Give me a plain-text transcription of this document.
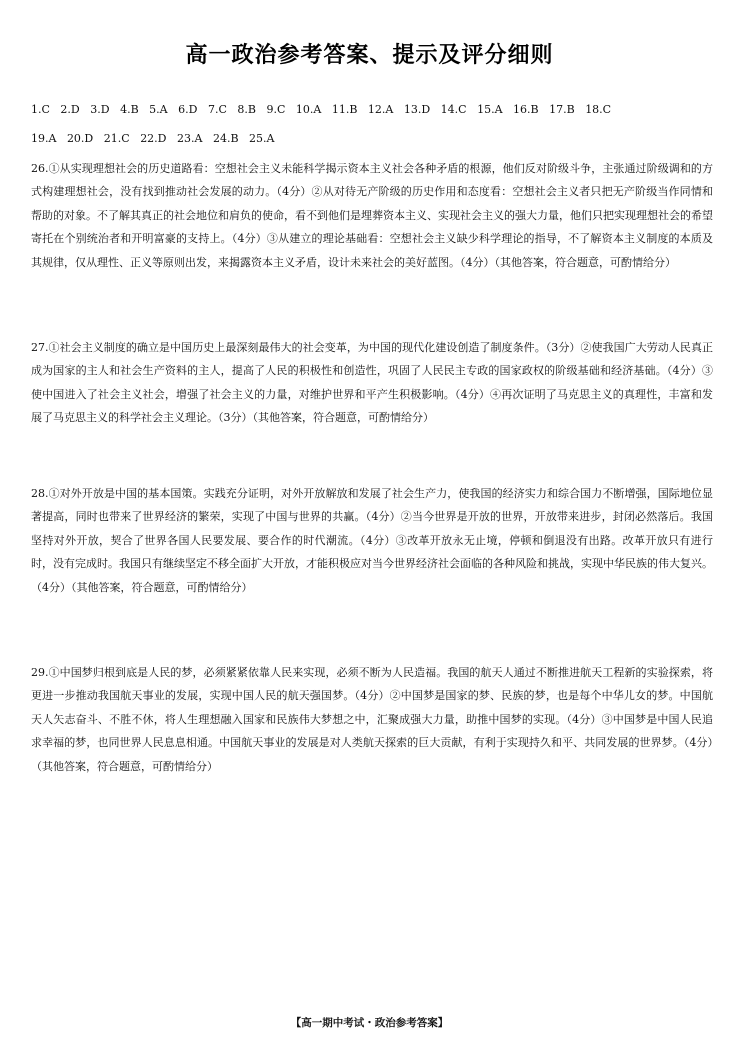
高一政治参考答案、提示及评分细则
1.C 2.D 3.D 4.B 5.A 6.D 7.C 8.B 9.C 10.A 11.B 12.A 13.D 14.C 15.A 16.B 17.B 18.C
19.A 20.D 21.C 22.D 23.A 24.B 25.A
26.①从实现理想社会的历史道路看：空想社会主义未能科学揭示资本主义社会各种矛盾的根源，他们反对阶级斗争，主张通过阶级调和的方式构建理想社会，没有找到推动社会发展的动力。（4分）②从对待无产阶级的历史作用和态度看：空想社会主义者只把无产阶级当作同情和帮助的对象。不了解其真正的社会地位和肩负的使命，看不到他们是埋葬资本主义、实现社会主义的强大力量，他们只把实现理想社会的希望寄托在个别统治者和开明富豪的支持上。（4分）③从建立的理论基础看：空想社会主义缺少科学理论的指导，不了解资本主义制度的本质及其规律，仅从理性、正义等原则出发，来揭露资本主义矛盾，设计未来社会的美好蓝图。（4分）（其他答案，符合题意，可酌情给分）
27.①社会主义制度的确立是中国历史上最深刻最伟大的社会变革，为中国的现代化建设创造了制度条件。（3分）②使我国广大劳动人民真正成为国家的主人和社会生产资料的主人，提高了人民的积极性和创造性，巩固了人民民主专政的国家政权的阶级基础和经济基础。（4分）③使中国进入了社会主义社会，增强了社会主义的力量，对维护世界和平产生积极影响。（4分）④再次证明了马克思主义的真理性，丰富和发展了马克思主义的科学社会主义理论。（3分）（其他答案，符合题意，可酌情给分）
28.①对外开放是中国的基本国策。实践充分证明，对外开放解放和发展了社会生产力，使我国的经济实力和综合国力不断增强，国际地位显著提高，同时也带来了世界经济的繁荣，实现了中国与世界的共赢。（4分）②当今世界是开放的世界，开放带来进步，封闭必然落后。我国坚持对外开放，契合了世界各国人民要发展、要合作的时代潮流。（4分）③改革开放永无止境，停顿和倒退没有出路。改革开放只有进行时，没有完成时。我国只有继续坚定不移全面扩大开放，才能积极应对当今世界经济社会面临的各种风险和挑战，实现中华民族的伟大复兴。（4分）（其他答案，符合题意，可酌情给分）
29.①中国梦归根到底是人民的梦，必须紧紧依靠人民来实现，必须不断为人民造福。我国的航天人通过不断推进航天工程新的实验探索，将更进一步推动我国航天事业的发展，实现中国人民的航天强国梦。（4分）②中国梦是国家的梦、民族的梦，也是每个中华儿女的梦。中国航天人矢志奋斗、不胜不休，将人生理想融入国家和民族伟大梦想之中，汇聚成强大力量，助推中国梦的实现。（4分）③中国梦是中国人民追求幸福的梦，也同世界人民息息相通。中国航天事业的发展是对人类航天探索的巨大贡献，有利于实现持久和平、共同发展的世界梦。（4分）（其他答案，符合题意，可酌情给分）
【高一期中考试・政治参考答案】
